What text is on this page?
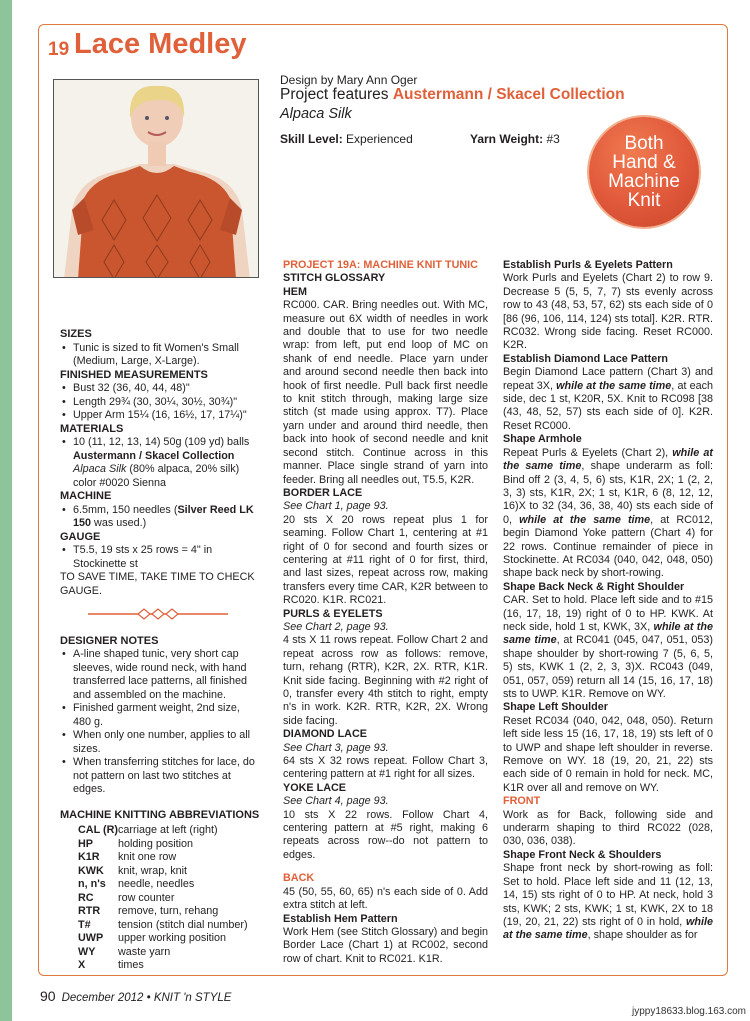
19 Lace Medley
Design by Mary Ann Oger
Project features Austermann / Skacel Collection
Alpaca Silk
Skill Level: Experienced	Yarn Weight: #3	Both
Hand &
Machine
Knit
SIZES
• Tunic is sized to fit Women's Small (Medium, Large, X-Large).
FINISHED MEASUREMENTS
• Bust 32 (36, 40, 44, 48)"
• Length 29¾ (30, 30¼, 30½, 30¾)"
• Upper Arm 15¼ (16, 16½, 17, 17¼)"
MATERIALS
• 10 (11, 12, 13, 14) 50g (109 yd) balls
Austermann / Skacel Collection
Alpaca Silk (80% alpaca, 20% silk) color #0020 Sienna
MACHINE
• 6.5mm, 150 needles (Silver Reed LK 150 was used.)
GAUGE
• T5.5, 19 sts x 25 rows = 4" in Stockinette st
TO SAVE TIME, TAKE TIME TO CHECK GAUGE.
DESIGNER NOTES
• A-line shaped tunic, very short cap sleeves, wide round neck, with hand transferred lace patterns, all finished and assembled on the machine.
• Finished garment weight, 2nd size, 480 g.
• When only one number, applies to all sizes.
• When transferring stitches for lace, do not pattern on last two stitches at edges.
MACHINE KNITTING ABBREVIATIONS
CAL (R) carriage at left (right)
HP	holding position
K1R	knit one row
KWK	knit, wrap, knit
n, n's	needle, needles
RC	row counter
RTR	remove, turn, rehang
T#	tension (stitch dial number)
UWP	upper working position
WY	waste yarn
X	times
PROJECT 19A: MACHINE KNIT TUNIC
STITCH GLOSSARY
HEM
RC000. CAR. Bring needles out. With MC, measure out 6X width of needles in work and double that to use for two needle wrap: from left, put end loop of MC on shank of end needle. Place yarn under and around second needle then back into hook of first needle. Pull back first needle to knit stitch through, making large size stitch (st made using approx. T7). Place yarn under and around third needle, then back into hook of second needle and knit second stitch. Continue across in this manner. Place single strand of yarn into feeder. Bring all needles out, T5.5, K2R.
BORDER LACE
See Chart 1, page 93.
20 sts X 20 rows repeat plus 1 for seaming. Follow Chart 1, centering at #1 right of 0 for second and fourth sizes or centering at #11 right of 0 for first, third, and last sizes, repeat across row, making transfers every time CAR, K2R between to RC020. K1R. RC021.
PURLS & EYELETS
See Chart 2, page 93.
4 sts X 11 rows repeat. Follow Chart 2 and repeat across row as follows: remove, turn, rehang (RTR), K2R, 2X. RTR, K1R. Knit side facing. Beginning with #2 right of 0, transfer every 4th stitch to right, empty n's in work. K2R. RTR, K2R, 2X. Wrong side facing.
DIAMOND LACE
See Chart 3, page 93.
64 sts X 32 rows repeat. Follow Chart 3, centering pattern at #1 right for all sizes.
YOKE LACE
See Chart 4, page 93.
10 sts X 22 rows. Follow Chart 4, centering pattern at #5 right, making 6 repeats across row--do not pattern to edges.
BACK
45 (50, 55, 60, 65) n's each side of 0. Add extra stitch at left.
Establish Hem Pattern
Work Hem (see Stitch Glossary) and begin Border Lace (Chart 1) at RC002, second row of chart. Knit to RC021. K1R.
Establish Purls & Eyelets Pattern
Work Purls and Eyelets (Chart 2) to row 9. Decrease 5 (5, 5, 7, 7) sts evenly across row to 43 (48, 53, 57, 62) sts each side of 0 [86 (96, 106, 114, 124) sts total]. K2R. RTR. RC032. Wrong side facing. Reset RC000. K2R.
Establish Diamond Lace Pattern
Begin Diamond Lace pattern (Chart 3) and repeat 3X, while at the same time, at each side, dec 1 st, K20R, 5X. Knit to RC098 [38 (43, 48, 52, 57) sts each side of 0]. K2R. Reset RC000.
Shape Armhole
Repeat Purls & Eyelets (Chart 2), while at the same time, shape underarm as foll: Bind off 2 (3, 4, 5, 6) sts, K1R, 2X; 1 (2, 2, 3, 3) sts, K1R, 2X; 1 st, K1R, 6 (8, 12, 12, 16)X to 32 (34, 36, 38, 40) sts each side of 0, while at the same time, at RC012, begin Diamond Yoke pattern (Chart 4) for 22 rows. Continue remainder of piece in Stockinette. At RC034 (040, 042, 048, 050) shape back neck by short-rowing.
Shape Back Neck & Right Shoulder
CAR. Set to hold. Place left side and to #15 (16, 17, 18, 19) right of 0 to HP. KWK. At neck side, hold 1 st, KWK, 3X, while at the same time, at RC041 (045, 047, 051, 053) shape shoulder by short-rowing 7 (5, 6, 5, 5) sts, KWK 1 (2, 2, 3, 3)X. RC043 (049, 051, 057, 059) return all 14 (15, 16, 17, 18) sts to UWP. K1R. Remove on WY.
Shape Left Shoulder
Reset RC034 (040, 042, 048, 050). Return left side less 15 (16, 17, 18, 19) sts left of 0 to UWP and shape left shoulder in reverse. Remove on WY. 18 (19, 20, 21, 22) sts each side of 0 remain in hold for neck. MC, K1R over all and remove on WY.
FRONT
Work as for Back, following side and underarm shaping to third RC022 (028, 030, 036, 038).
Shape Front Neck & Shoulders
Shape front neck by short-rowing as foll: Set to hold. Place left side and 11 (12, 13, 14, 15) sts right of 0 to HP. At neck, hold 3 sts, KWK; 2 sts, KWK; 1 st, KWK, 2X to 18 (19, 20, 21, 22) sts right of 0 in hold, while at the same time, shape shoulder as for
90 December 2012 • KNIT 'n STYLE
jyppy18633.blog.163.com
